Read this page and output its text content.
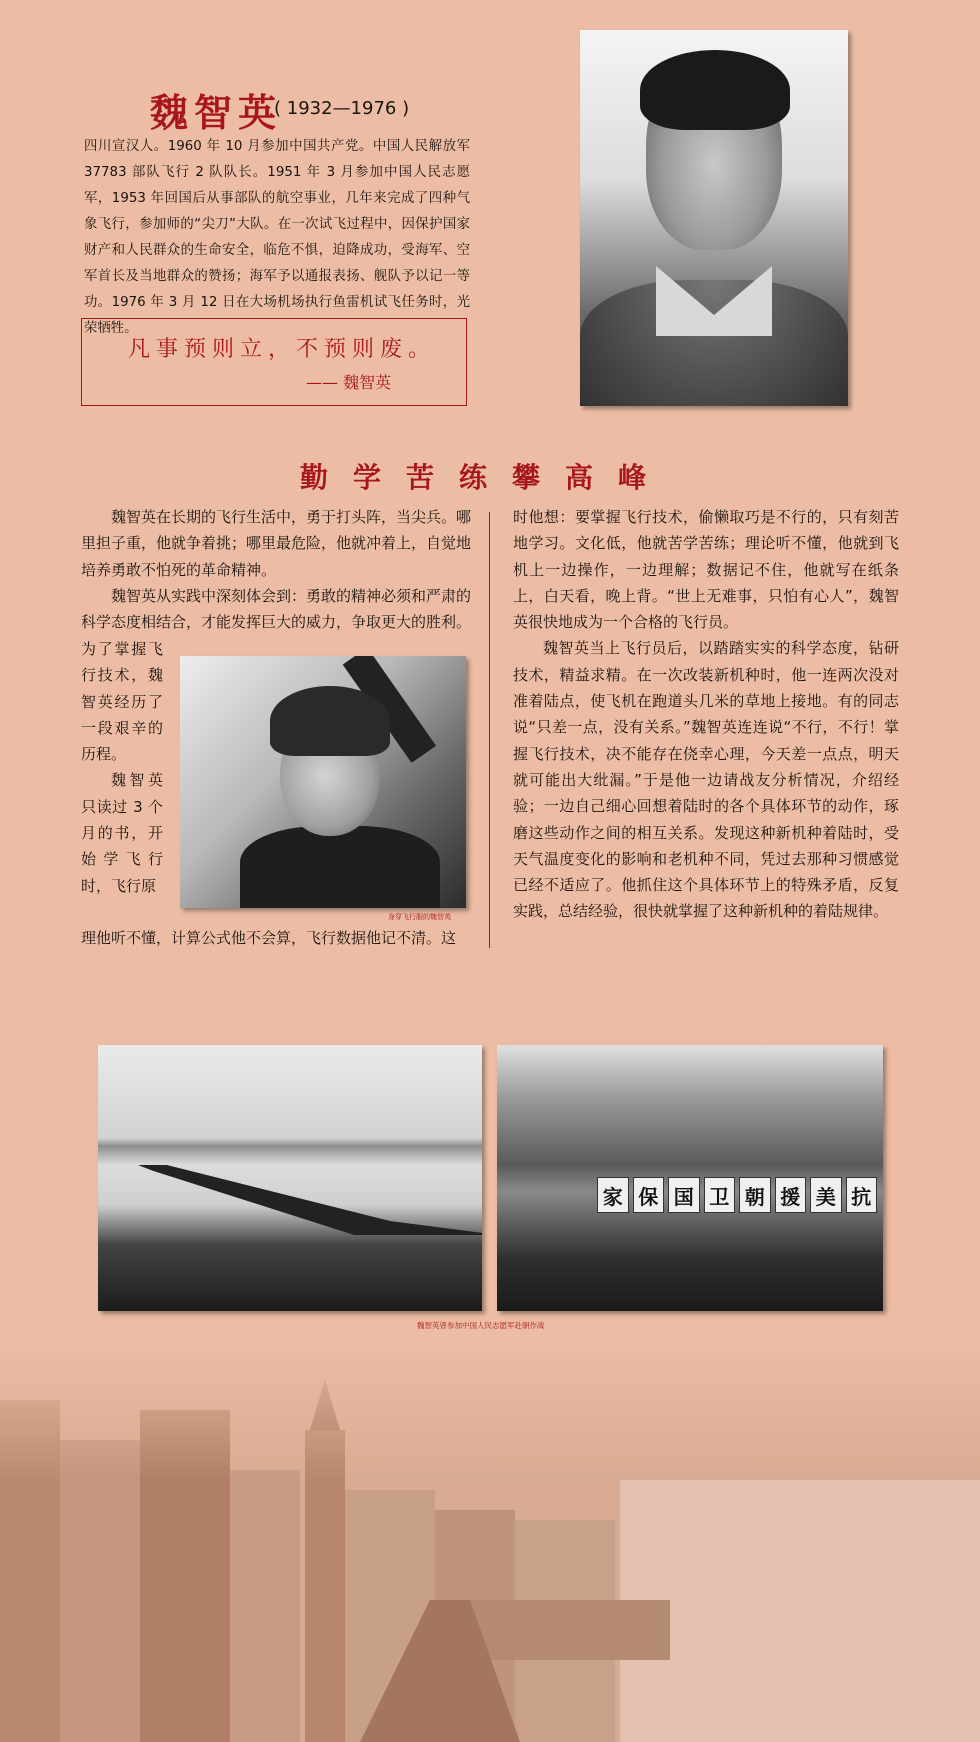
魏智英
( 1932—1976 )
四川宣汉人。1960 年 10 月参加中国共产党。中国人民解放军 37783 部队飞行 2 队队长。1951 年 3 月参加中国人民志愿军，1953 年回国后从事部队的航空事业，几年来完成了四种气象飞行，参加师的“尖刀”大队。在一次试飞过程中，因保护国家财产和人民群众的生命安全，临危不惧，迫降成功，受海军、空军首长及当地群众的赞扬；海军予以通报表扬、舰队予以记一等功。1976 年 3 月 12 日在大场机场执行鱼雷机试飞任务时，光荣牺牲。
凡事预则立，不预则废。
—— 魏智英
勤学苦练攀高峰
魏智英在长期的飞行生活中，勇于打头阵，当尖兵。哪里担子重，他就争着挑；哪里最危险，他就冲着上，自觉地培养勇敢不怕死的革命精神。
魏智英从实践中深刻体会到：勇敢的精神必须和严肃的科学态度相结合，才能发挥巨大的威力，争取更大的胜利。
为了掌握飞行技术，魏智英经历了一段艰辛的历程。
魏智英只读过 3 个月的书，开始学飞行时，飞行原
身穿飞行服的魏智英
理他听不懂，计算公式他不会算，飞行数据他记不清。这
时他想：要掌握飞行技术，偷懒取巧是不行的，只有刻苦地学习。文化低，他就苦学苦练；理论听不懂，他就到飞机上一边操作，一边理解；数据记不住，他就写在纸条上，白天看，晚上背。“世上无难事，只怕有心人”，魏智英很快地成为一个合格的飞行员。
魏智英当上飞行员后，以踏踏实实的科学态度，钻研技术，精益求精。在一次改装新机种时，他一连两次没对准着陆点，使飞机在跑道头几米的草地上接地。有的同志说“只差一点，没有关系。”魏智英连连说“不行，不行！掌握飞行技术，决不能存在侥幸心理，今天差一点点，明天就可能出大纰漏。”于是他一边请战友分析情况，介绍经验；一边自己细心回想着陆时的各个具体环节的动作，琢磨这些动作之间的相互关系。发现这种新机种着陆时，受天气温度变化的影响和老机种不同，凭过去那种习惯感觉已经不适应了。他抓住这个具体环节上的特殊矛盾，反复实践，总结经验，很快就掌握了这种新机种的着陆规律。
家 保 国 卫 朝 援 美 抗
魏智英曾参加中国人民志愿军赴朝作战
